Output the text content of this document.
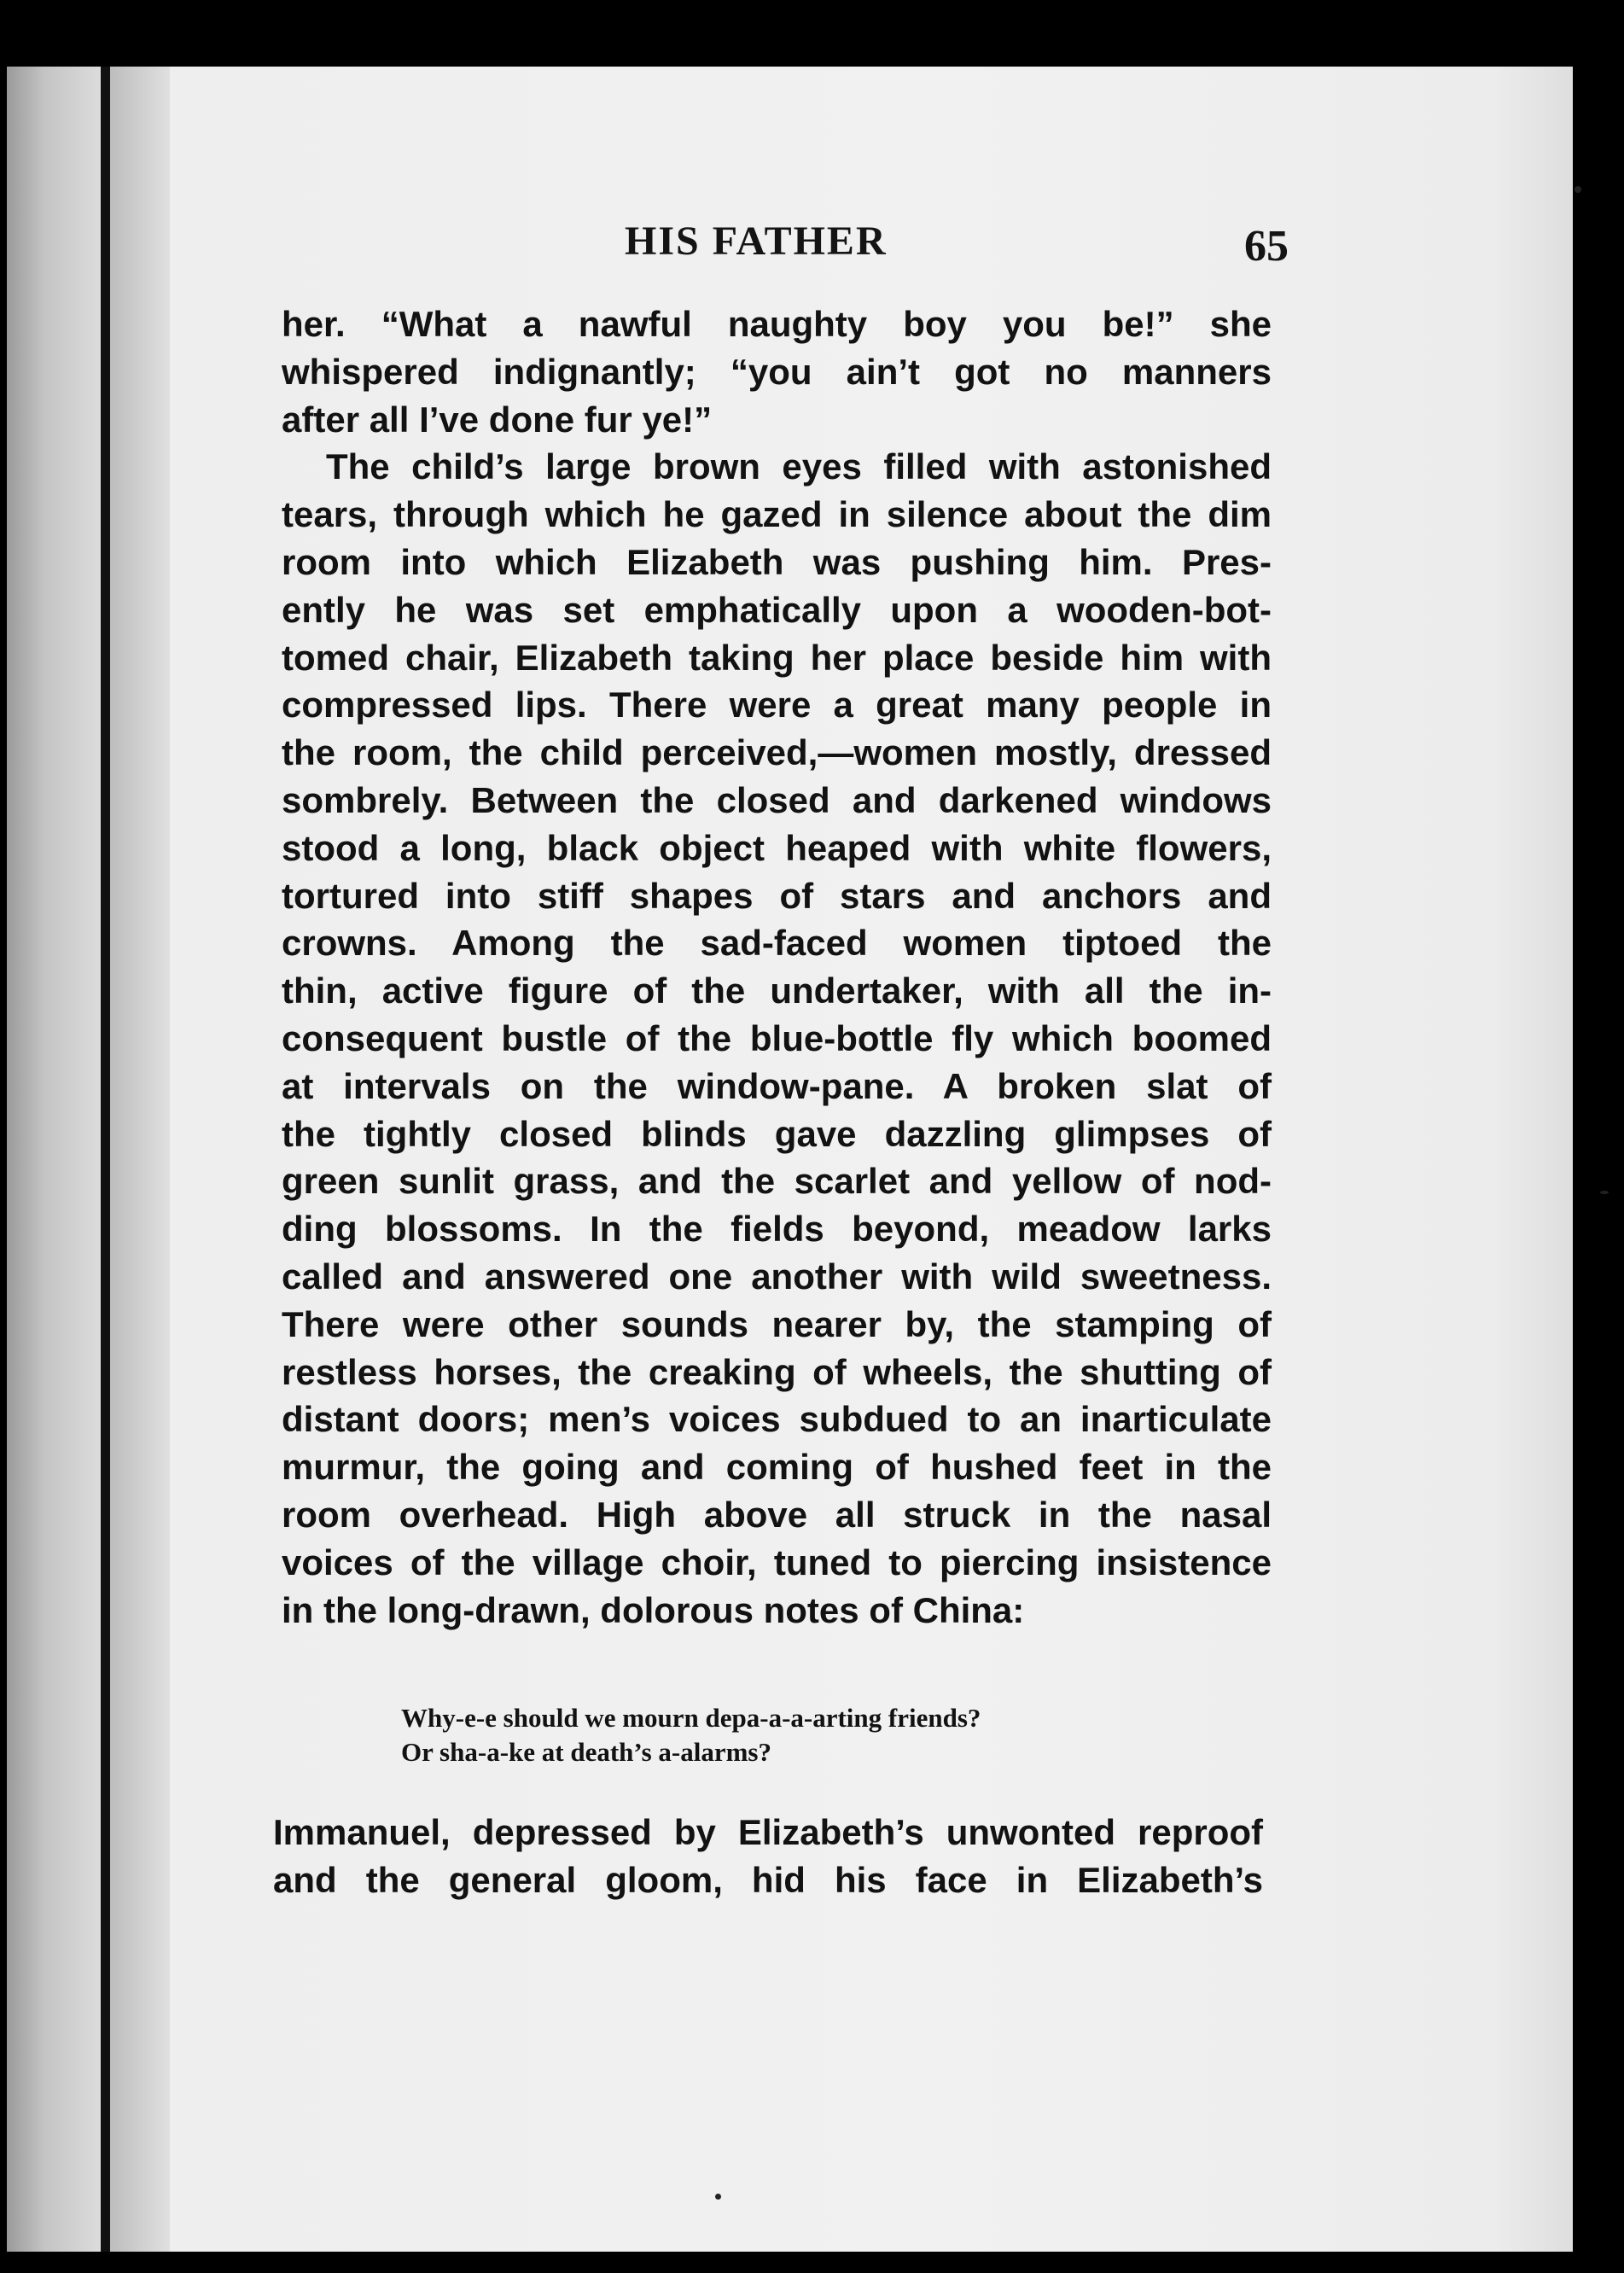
HIS FATHER	65
her. “What a nawful naughty boy you be!” she
whispered indignantly; “you ain’t got no manners
after all I’ve done fur ye!”
The child’s large brown eyes filled with astonished
tears, through which he gazed in silence about the dim
room into which Elizabeth was pushing him. Pres-
ently he was set emphatically upon a wooden-bot-
tomed chair, Elizabeth taking her place beside him with
compressed lips. There were a great many people in
the room, the child perceived,—women mostly, dressed
sombrely. Between the closed and darkened windows
stood a long, black object heaped with white flowers,
tortured into stiff shapes of stars and anchors and
crowns. Among the sad-faced women tiptoed the
thin, active figure of the undertaker, with all the in-
consequent bustle of the blue-bottle fly which boomed
at intervals on the window-pane. A broken slat of
the tightly closed blinds gave dazzling glimpses of
green sunlit grass, and the scarlet and yellow of nod-
ding blossoms. In the fields beyond, meadow larks
called and answered one another with wild sweetness.
There were other sounds nearer by, the stamping of
restless horses, the creaking of wheels, the shutting of
distant doors; men’s voices subdued to an inarticulate
murmur, the going and coming of hushed feet in the
room overhead. High above all struck in the nasal
voices of the village choir, tuned to piercing insistence
in the long-drawn, dolorous notes of China:
Why-e-e should we mourn depa-a-a-arting friends?
Or sha-a-ke at death’s a-alarms?
Immanuel, depressed by Elizabeth’s unwonted reproof
and the general gloom, hid his face in Elizabeth’s
